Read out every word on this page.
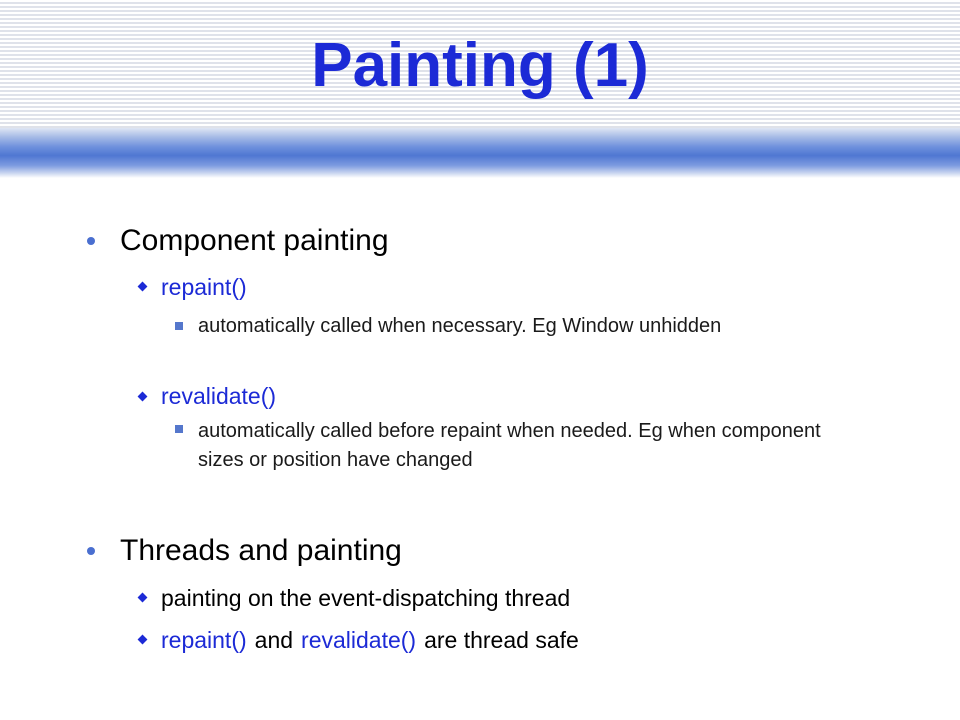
Painting (1)
Component painting
repaint()
automatically called when necessary. Eg Window unhidden
revalidate()
automatically called before repaint when needed. Eg when component sizes or position have changed
Threads and painting
painting on the event-dispatching thread
repaint() and revalidate() are thread safe
